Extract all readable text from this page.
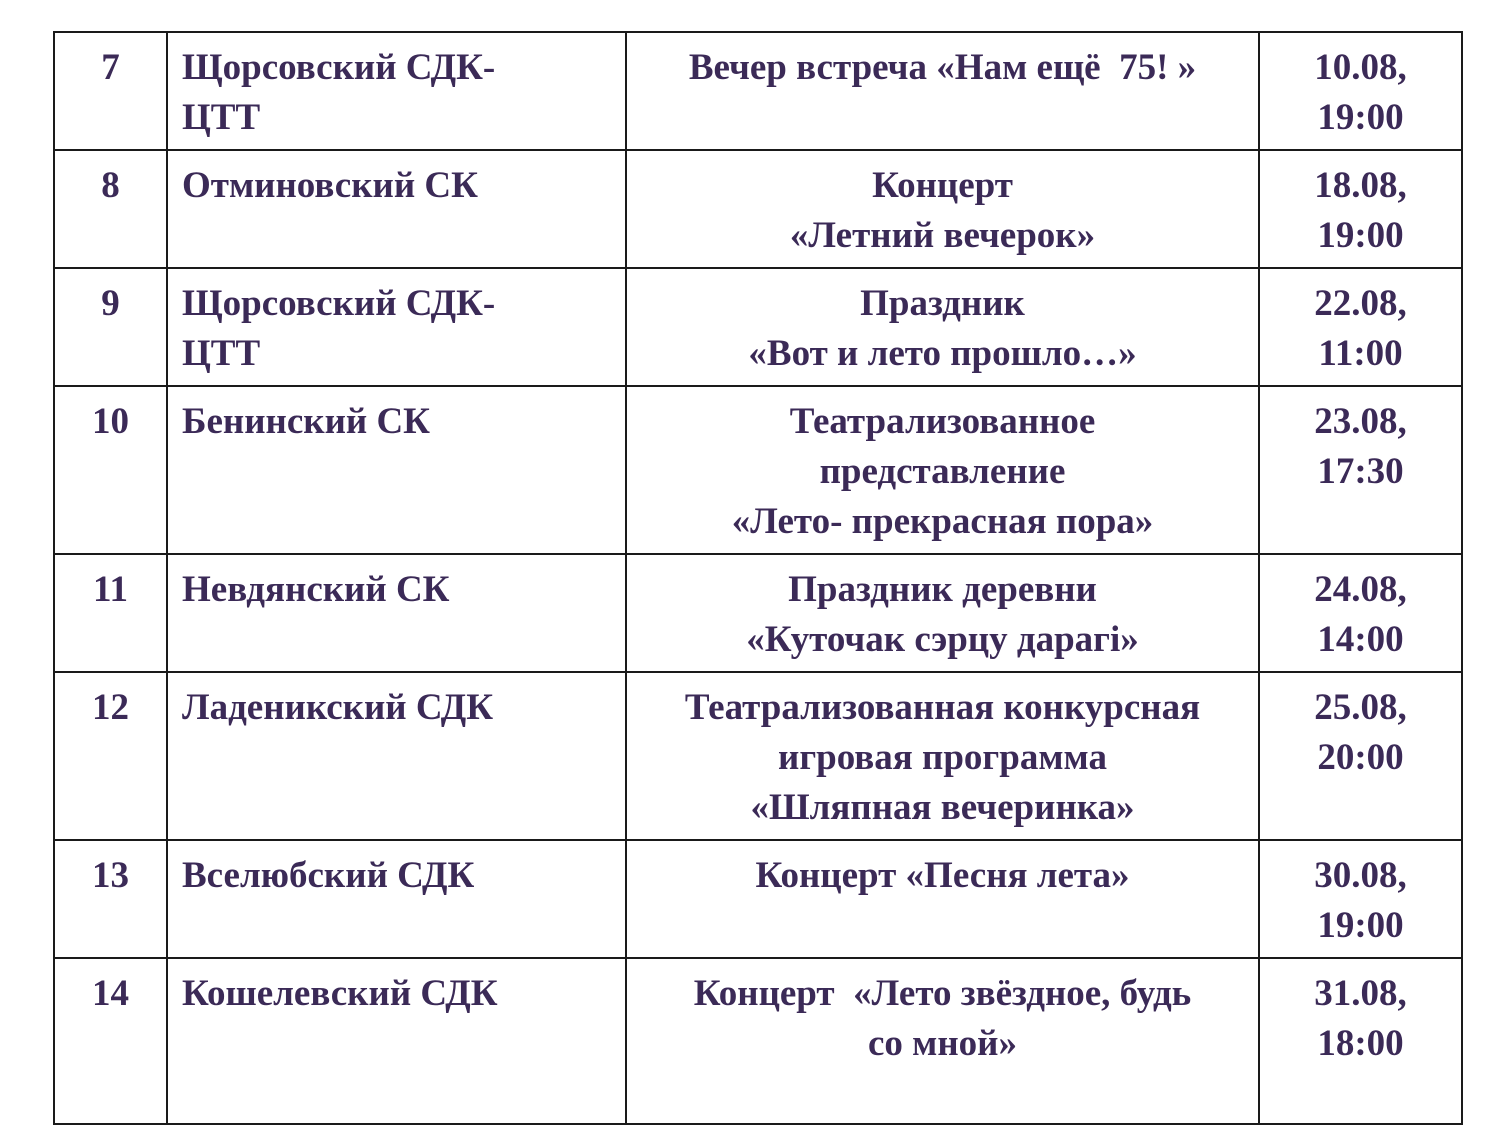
7	Щорсовский СДК-
ЦТТ	Вечер встреча «Нам ещё  75! »	10.08,
19:00

8	Отминовский СК	Концерт
«Летний вечерок»	18.08,
19:00

9	Щорсовский СДК-
ЦТТ	Праздник
«Вот и лето прошло…»	22.08,
11:00

10	Бенинский СК	Театрализованное
представление
«Лето- прекрасная пора»	23.08,
17:30

11	Невдянский СК	Праздник деревни
«Куточак сэрцу дарагі»	24.08,
14:00

12	Ладеникский СДК	Театрализованная конкурсная
игровая программа
«Шляпная вечеринка»	25.08,
20:00

13	Вселюбский СДК	Концерт «Песня лета»	30.08,
19:00

14	Кошелевский СДК	Концерт  «Лето звёздное, будь
со мной»	31.08,
18:00
